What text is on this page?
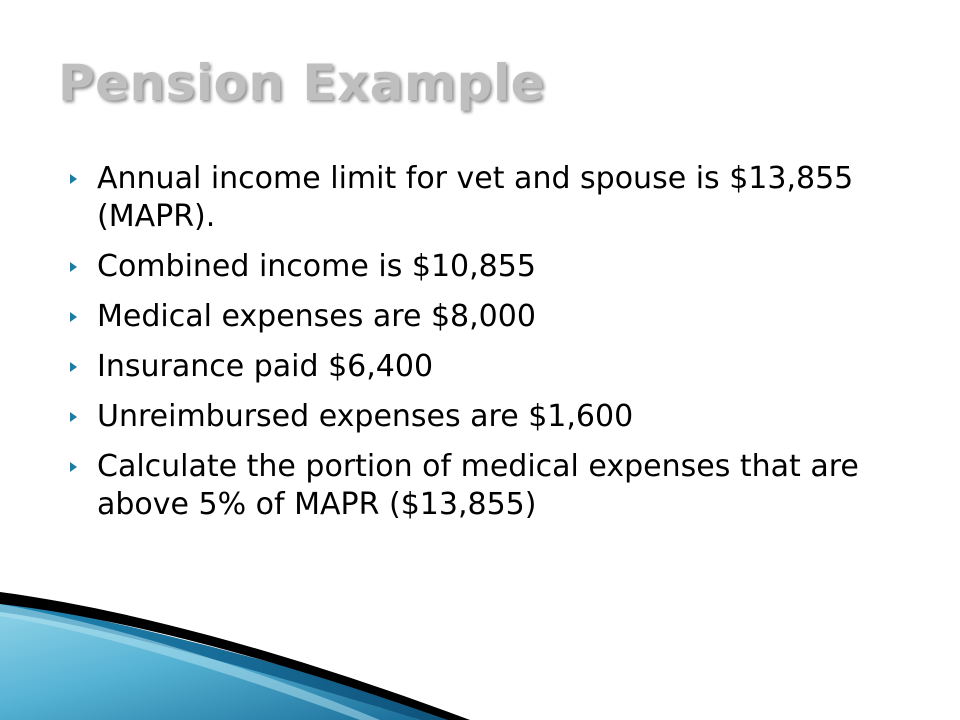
Pension Example
Annual income limit for vet and spouse is $13,855 (MAPR).
Combined income is $10,855
Medical expenses are $8,000
Insurance paid $6,400
Unreimbursed expenses are $1,600
Calculate the portion of medical expenses that are above 5% of MAPR ($13,855)
